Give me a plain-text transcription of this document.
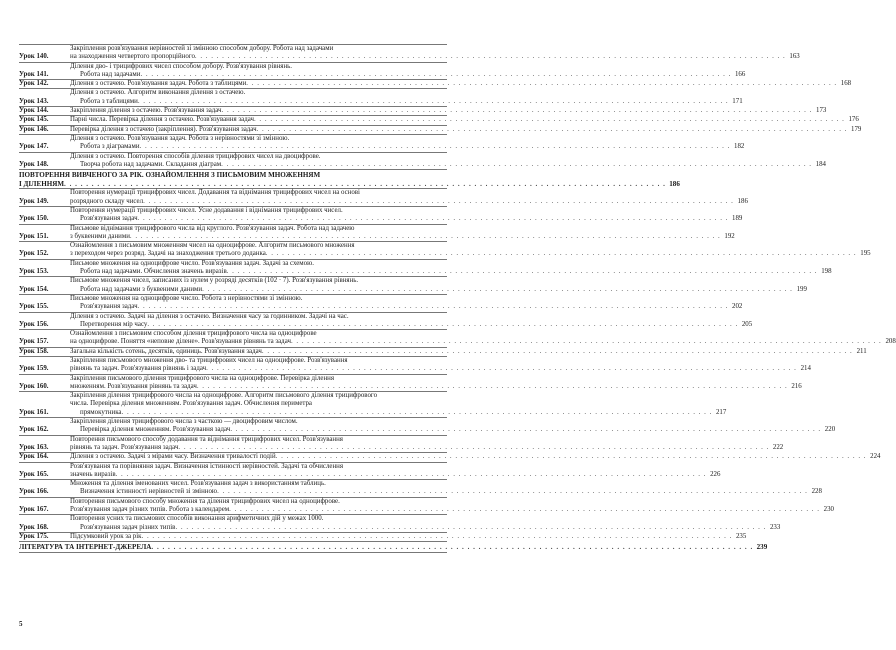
Урок 140.
Закріплення розв'язування нерівностей зі змінною способом добору. Робота над задачами
на знаходження четвертого пропорційного . . .	163
Урок 141.
Ділення дво- і трицифрових чисел способом добору. Розв'язування рівнянь.
Робота над задачами . . .	166
Урок 142.	Ділення з остачею. Розв'язування задач. Робота з таблицями . . .	168
Урок 143.
Ділення з остачею. Алгоритм виконання ділення з остачею.
Робота з таблицями . . .	171
Урок 144.	Закріплення ділення з остачею. Розв'язування задач . . .	173
Урок 145.	Парні числа. Перевірка ділення з остачею. Розв'язування задач . . .	176
Урок 146.	Перевірка ділення з остачею (закріплення). Розв'язування задач . . .	179
Урок 147.
Ділення з остачею. Розв'язування задач. Робота з нерівностями зі змінною.
Робота з діаграмами . . .	182
Урок 148.
Ділення з остачею. Повторення способів ділення трицифрових чисел на двоцифрове.
Творча робота над задачами. Складання діаграм . . .	184
ПОВТОРЕННЯ ВИВЧЕНОГО ЗА РІК. ОЗНАЙОМЛЕННЯ З ПИСЬМОВИМ МНОЖЕННЯМ
І ДІЛЕННЯМ . . .	186
Урок 149.
Повторення нумерації трицифрових чисел. Додавання та віднімання трицифрових чисел на основі
розрядного складу чисел . . .	186
Урок 150.
Повторення нумерації трицифрових чисел. Усне додавання і віднімання трицифрових чисел.
Розв'язування задач . . .	189
Урок 151.
Письмове віднімання трицифрового числа від круглого. Розв'язування задач. Робота над задачею
з буквеними даними . . .	192
Урок 152.
Ознайомлення з письмовим множенням чисел на одноцифрове. Алгоритм письмового множення
з переходом через розряд. Задачі на знаходження третього доданка . . .	195
Урок 153.
Письмове множення на одноцифрове число. Розв'язування задач. Задачі за схемою.
Робота над задачами. Обчислення значень виразів . . .	198
Урок 154.
Письмове множення чисел, записаних із нулем у розряді десятків (102 · 7). Розв'язування рівнянь.
Робота над задачами з буквеними даними . . .	199
Урок 155.
Письмове множення на одноцифрове число. Робота з нерівностями зі змінною.
Розв'язування задач . . .	202
Урок 156.
Ділення з остачею. Задачі на ділення з остачею. Визначення часу за годинником. Задачі на час.
Перетворення мір часу . . .	205
Урок 157.
Ознайомлення з письмовим способом ділення трицифрового числа на одноцифрове
на одноцифрове. Поняття «неповне ділене». Розв'язування рівнянь та задач . . .	208
Урок 158.	Загальна кількість сотень, десятків, одиниць. Розв'язування задач . . .	211
Урок 159.
Закріплення письмового множення дво- та трицифрових чисел на одноцифрове. Розв'язування
рівнянь та задач. Розв'язування рівнянь і задач . . .	214
Урок 160.
Закріплення письмового ділення трицифрового числа на одноцифрове. Перевірка ділення
множенням. Розв'язування рівнянь та задач . . .	216
Урок 161.
Закріплення ділення трицифрового числа на одноцифрове. Алгоритм письмового ділення трицифрового
числа. Перевірка ділення множенням. Розв'язування задач. Обчислення периметра
прямокутника . . .	217
Урок 162.
Закріплення ділення трицифрового числа з часткою — двоцифровим числом.
Перевірка ділення множенням. Розв'язування задач . . .	220
Урок 163.
Повторення письмового способу додавання та віднімання трицифрових чисел. Розв'язування
рівнянь та задач. Розв'язування задач . . .	222
Урок 164.	Ділення з остачею. Задачі з мірами часу. Визначення тривалості подій . . .	224
Урок 165.
Розв'язування та порівняння задач. Визначення істинності нерівностей. Задачі та обчислення
значень виразів . . .	226
Урок 166.
Множення та ділення іменованих чисел. Розв'язування задач з використанням таблиць.
Визначення істинності нерівностей зі змінною . . .	228
Урок 167.
Повторення письмового способу множення та ділення трицифрових чисел на одноцифрове.
Розв'язування задач різних типів. Робота з календарем . . .	230
Урок 168.
Повторення усних та письмових способів виконання арифметичних дій у межах 1000.
Розв'язування задач різних типів . . .	233
Урок 175.	Підсумковий урок за рік . . .	235
ЛІТЕРАТУРА ТА ІНТЕРНЕТ-ДЖЕРЕЛА . . .	239
5
